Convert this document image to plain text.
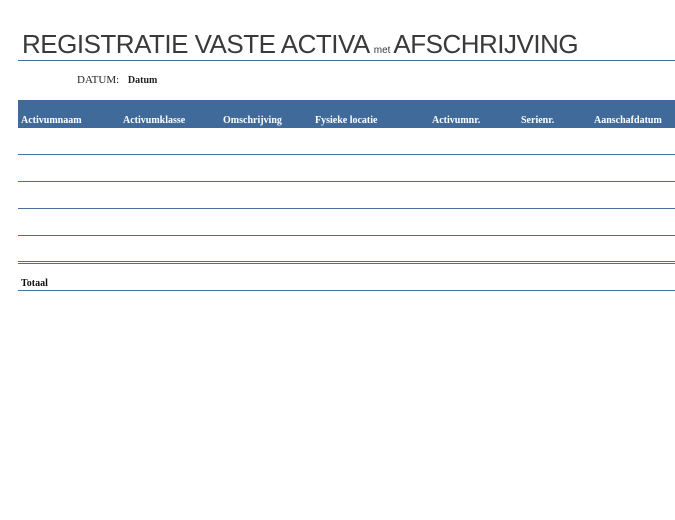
REGISTRATIE VASTE ACTIVA met AFSCHRIJVING
DATUM: Datum
Activumnaam	Activumklasse	Omschrijving	Fysieke locatie	Activumnr.	Serienr.	Aanschafdatum
Totaal
